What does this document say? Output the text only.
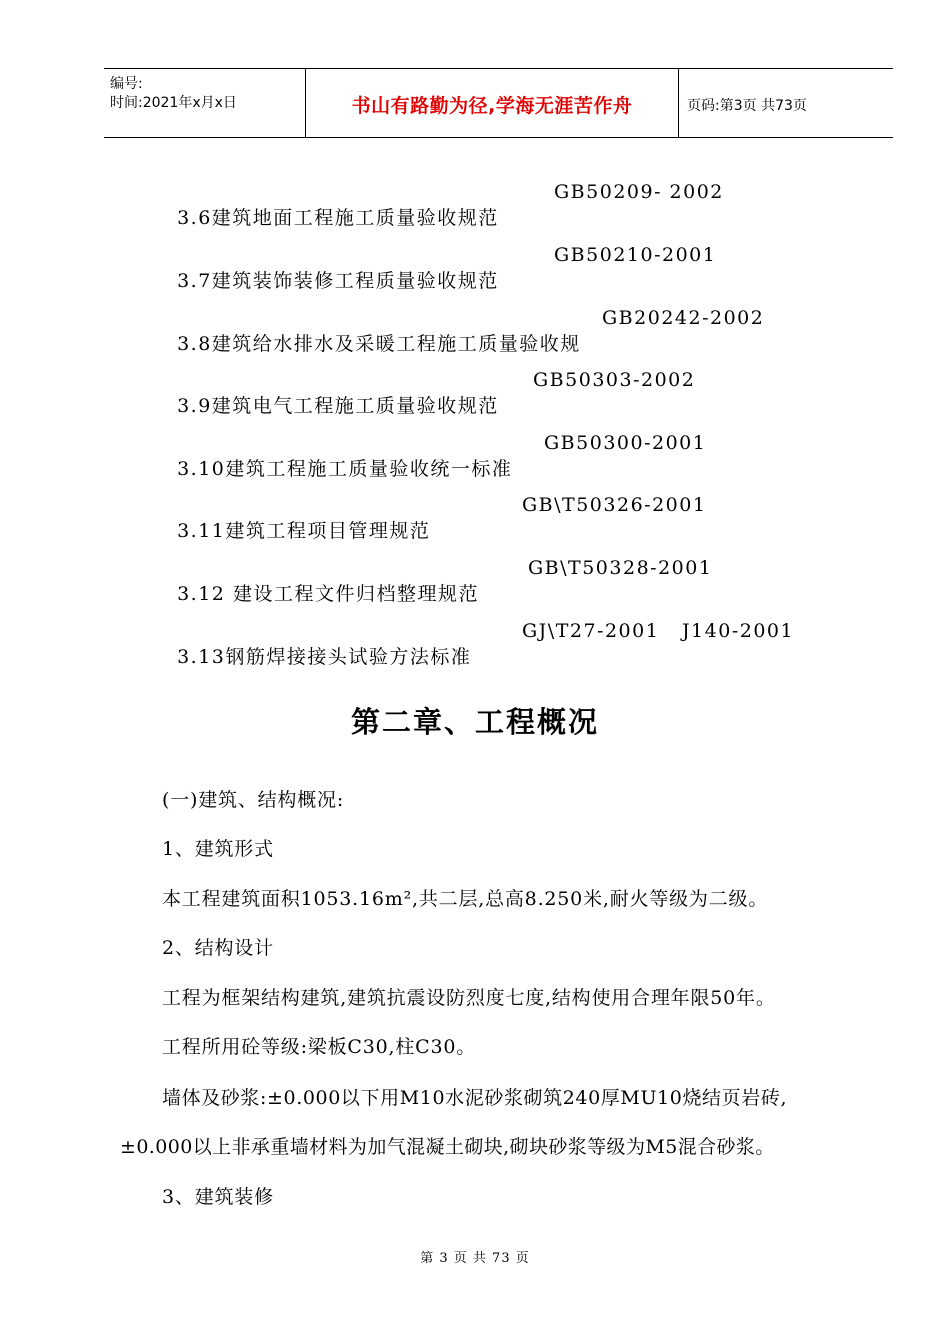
编号:
时间:2021年x月x日	书山有路勤为径,学海无涯苦作舟	页码:第3页 共73页

3.6建筑地面工程施工质量验收规范

GB50209- 2002

3.7建筑装饰装修工程质量验收规范

GB50210-2001

3.8建筑给水排水及采暖工程施工质量验收规

GB20242-2002

3.9建筑电气工程施工质量验收规范

GB50303-2002

3.10建筑工程施工质量验收统一标准

GB50300-2001

3.11建筑工程项目管理规范

GB\T50326-2001

3.12 建设工程文件归档整理规范

GB\T50328-2001

3.13钢筋焊接接头试验方法标准

GJ\T27-2001   J140-2001

第二章、工程概况
(一)建筑、结构概况:
1、建筑形式
本工程建筑面积1053.16m²,共二层,总高8.250米,耐火等级为二级。
2、结构设计
工程为框架结构建筑,建筑抗震设防烈度七度,结构使用合理年限50年。
工程所用砼等级:梁板C30,柱C30。
墙体及砂浆:±0.000以下用M10水泥砂浆砌筑240厚MU10烧结页岩砖,
±0.000以上非承重墙材料为加气混凝土砌块,砌块砂浆等级为M5混合砂浆。
3、建筑装修
第 3 页 共 73 页
